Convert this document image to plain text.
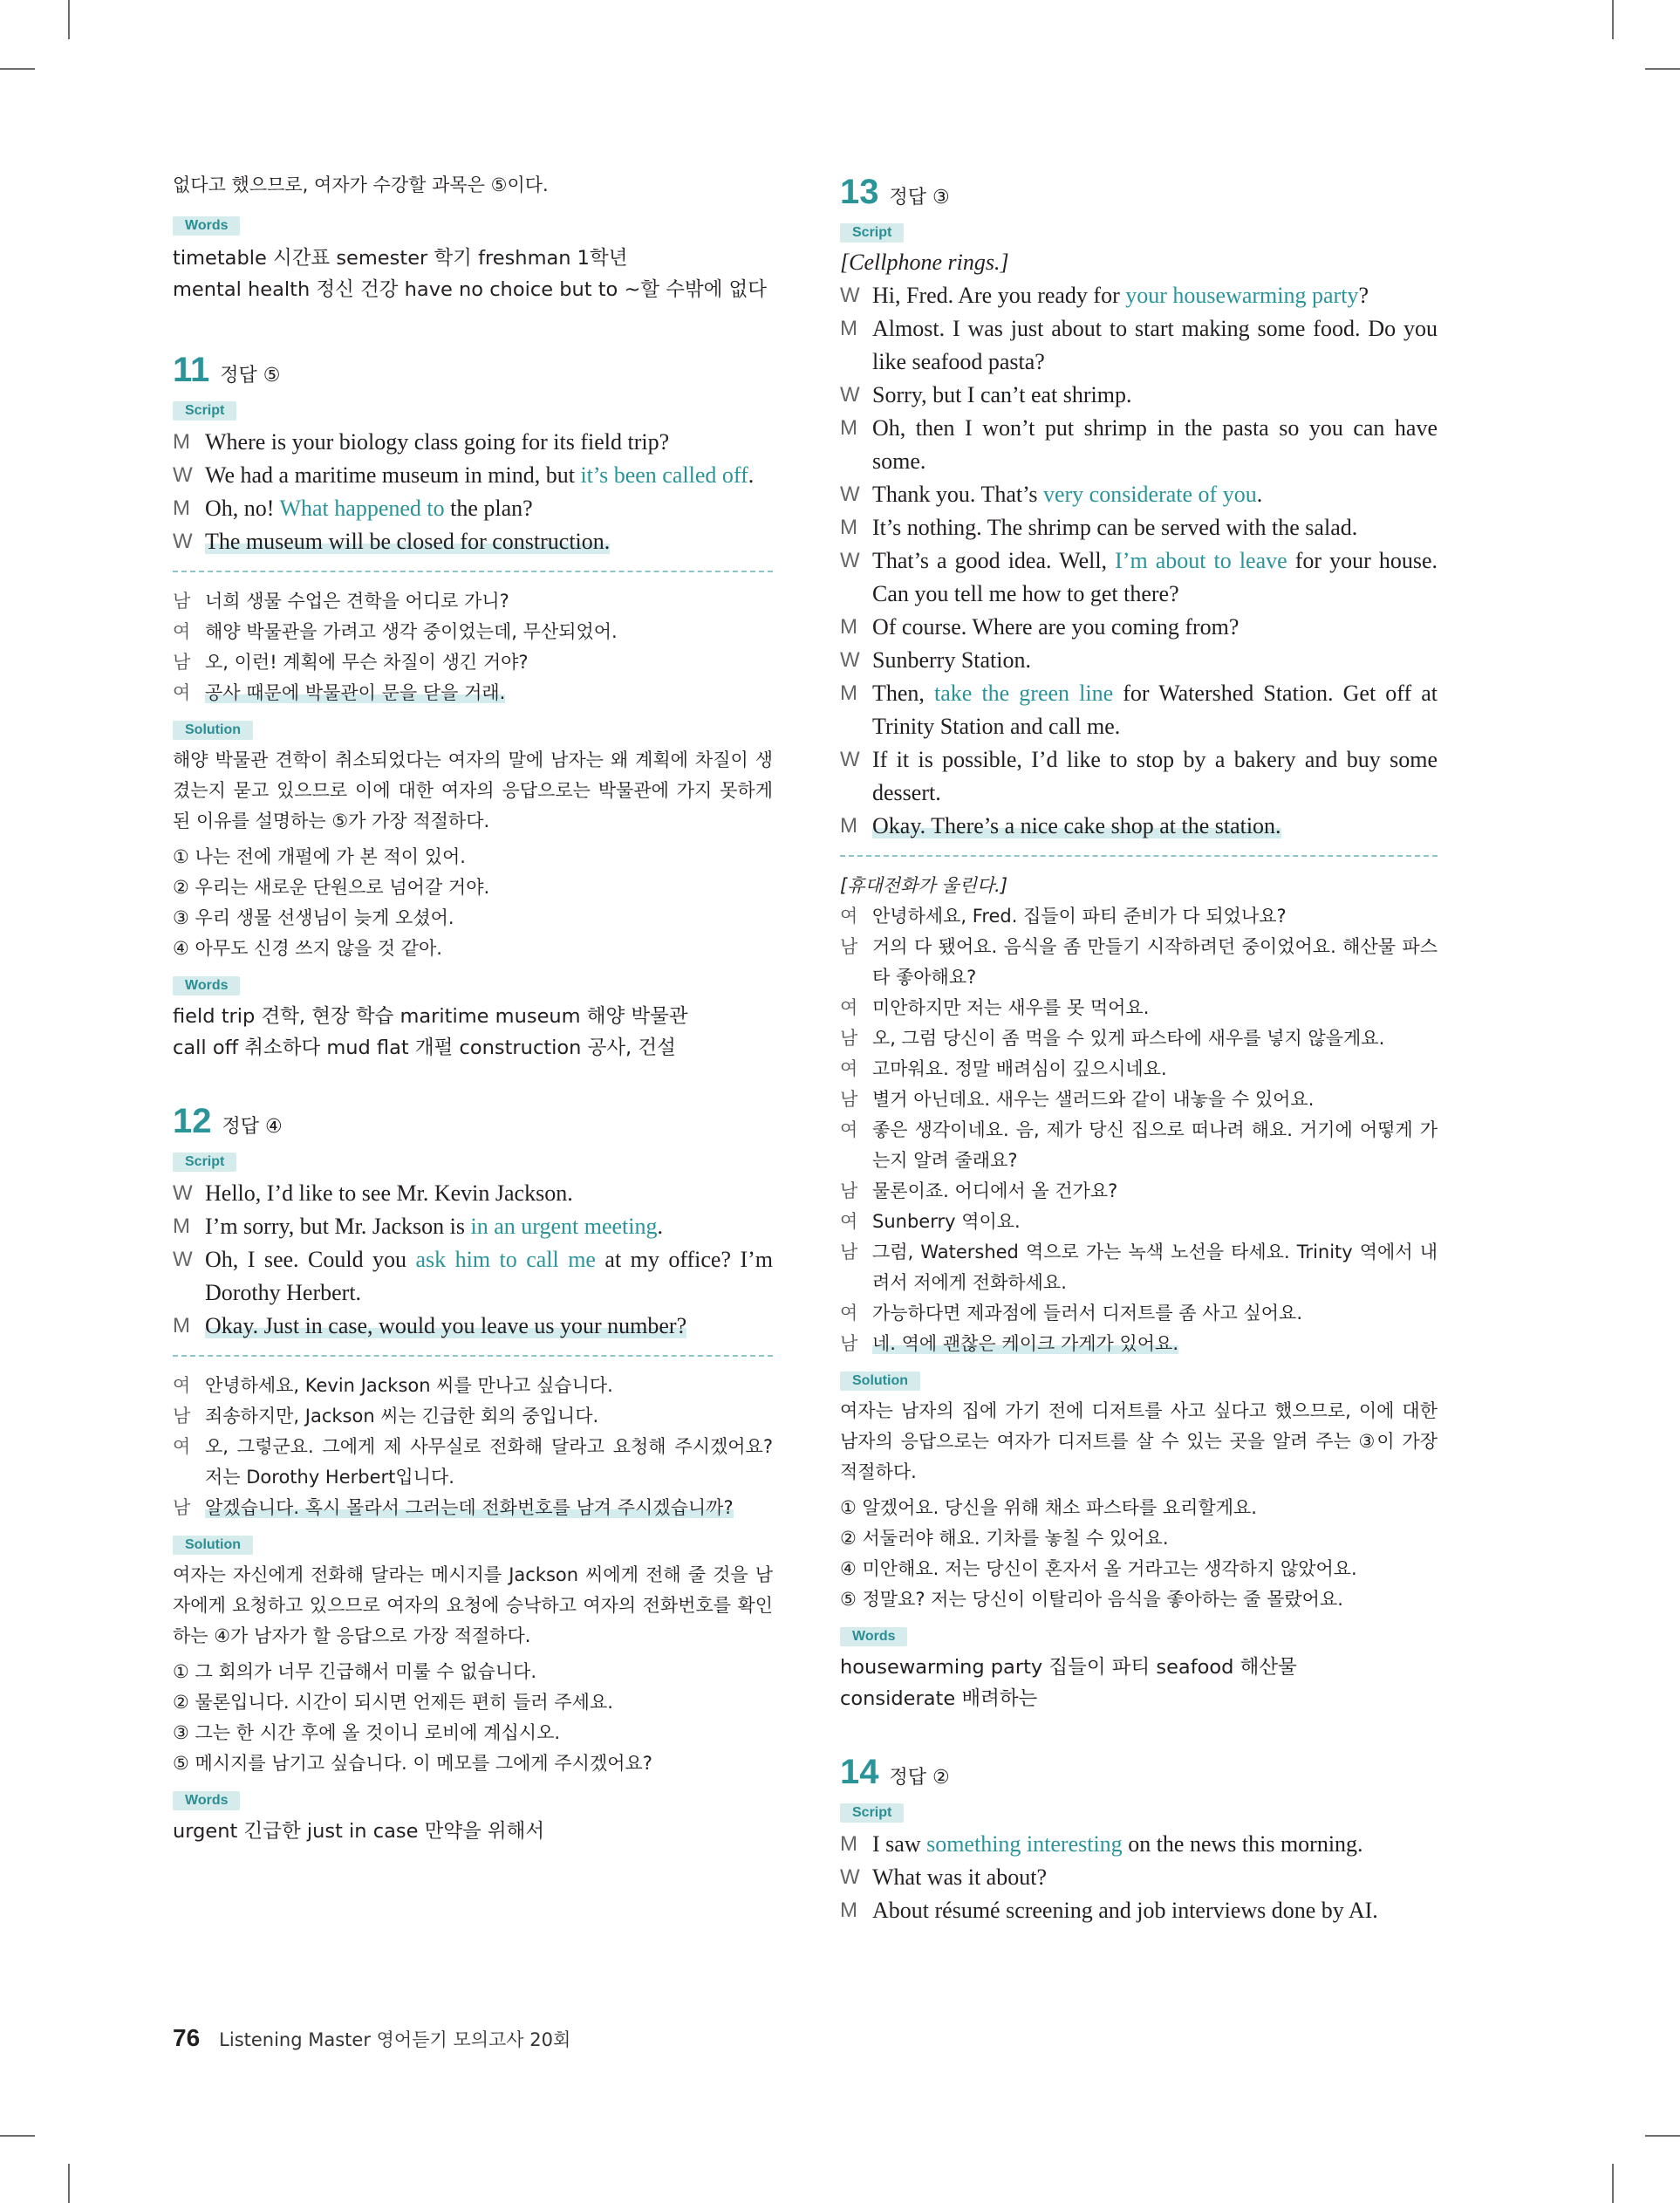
없다고 했으므로, 여자가 수강할 과목은 ⑤이다.
Words
timetable 시간표 semester 학기 freshman 1학년
mental health 정신 건강 have no choice but to ~할 수밖에 없다
11 정답 ⑤
Script
M Where is your biology class going for its field trip?
W We had a maritime museum in mind, but it’s been called off.
M Oh, no! What happened to the plan?
W The museum will be closed for construction.
남 너희 생물 수업은 견학을 어디로 가니?
여 해양 박물관을 가려고 생각 중이었는데, 무산되었어.
남 오, 이런! 계획에 무슨 차질이 생긴 거야?
여 공사 때문에 박물관이 문을 닫을 거래.
Solution
해양 박물관 견학이 취소되었다는 여자의 말에 남자는 왜 계획에 차질이 생겼는지 묻고 있으므로 이에 대한 여자의 응답으로는 박물관에 가지 못하게 된 이유를 설명하는 ⑤가 가장 적절하다.
① 나는 전에 개펄에 가 본 적이 있어.
② 우리는 새로운 단원으로 넘어갈 거야.
③ 우리 생물 선생님이 늦게 오셨어.
④ 아무도 신경 쓰지 않을 것 같아.
Words
field trip 견학, 현장 학습 maritime museum 해양 박물관
call off 취소하다 mud flat 개펄 construction 공사, 건설
12 정답 ④
Script
W Hello, I’d like to see Mr. Kevin Jackson.
M I’m sorry, but Mr. Jackson is in an urgent meeting.
W Oh, I see. Could you ask him to call me at my office? I’m Dorothy Herbert.
M Okay. Just in case, would you leave us your number?
여 안녕하세요, Kevin Jackson 씨를 만나고 싶습니다.
남 죄송하지만, Jackson 씨는 긴급한 회의 중입니다.
여 오, 그렇군요. 그에게 제 사무실로 전화해 달라고 요청해 주시겠어요? 저는 Dorothy Herbert입니다.
남 알겠습니다. 혹시 몰라서 그러는데 전화번호를 남겨 주시겠습니까?
Solution
여자는 자신에게 전화해 달라는 메시지를 Jackson 씨에게 전해 줄 것을 남자에게 요청하고 있으므로 여자의 요청에 승낙하고 여자의 전화번호를 확인하는 ④가 남자가 할 응답으로 가장 적절하다.
① 그 회의가 너무 긴급해서 미룰 수 없습니다.
② 물론입니다. 시간이 되시면 언제든 편히 들러 주세요.
③ 그는 한 시간 후에 올 것이니 로비에 계십시오.
⑤ 메시지를 남기고 싶습니다. 이 메모를 그에게 주시겠어요?
Words
urgent 긴급한 just in case 만약을 위해서
13 정답 ③
Script
[Cellphone rings.]
W Hi, Fred. Are you ready for your housewarming party?
M Almost. I was just about to start making some food. Do you like seafood pasta?
W Sorry, but I can’t eat shrimp.
M Oh, then I won’t put shrimp in the pasta so you can have some.
W Thank you. That’s very considerate of you.
M It’s nothing. The shrimp can be served with the salad.
W That’s a good idea. Well, I’m about to leave for your house. Can you tell me how to get there?
M Of course. Where are you coming from?
W Sunberry Station.
M Then, take the green line for Watershed Station. Get off at Trinity Station and call me.
W If it is possible, I’d like to stop by a bakery and buy some dessert.
M Okay. There’s a nice cake shop at the station.
[휴대전화가 울린다.]
여 안녕하세요, Fred. 집들이 파티 준비가 다 되었나요?
남 거의 다 됐어요. 음식을 좀 만들기 시작하려던 중이었어요. 해산물 파스타 좋아해요?
여 미안하지만 저는 새우를 못 먹어요.
남 오, 그럼 당신이 좀 먹을 수 있게 파스타에 새우를 넣지 않을게요.
여 고마워요. 정말 배려심이 깊으시네요.
남 별거 아닌데요. 새우는 샐러드와 같이 내놓을 수 있어요.
여 좋은 생각이네요. 음, 제가 당신 집으로 떠나려 해요. 거기에 어떻게 가는지 알려 줄래요?
남 물론이죠. 어디에서 올 건가요?
여 Sunberry 역이요.
남 그럼, Watershed 역으로 가는 녹색 노선을 타세요. Trinity 역에서 내려서 저에게 전화하세요.
여 가능하다면 제과점에 들러서 디저트를 좀 사고 싶어요.
남 네. 역에 괜찮은 케이크 가게가 있어요.
Solution
여자는 남자의 집에 가기 전에 디저트를 사고 싶다고 했으므로, 이에 대한 남자의 응답으로는 여자가 디저트를 살 수 있는 곳을 알려 주는 ③이 가장 적절하다.
① 알겠어요. 당신을 위해 채소 파스타를 요리할게요.
② 서둘러야 해요. 기차를 놓칠 수 있어요.
④ 미안해요. 저는 당신이 혼자서 올 거라고는 생각하지 않았어요.
⑤ 정말요? 저는 당신이 이탈리아 음식을 좋아하는 줄 몰랐어요.
Words
housewarming party 집들이 파티 seafood 해산물
considerate 배려하는
14 정답 ②
Script
M I saw something interesting on the news this morning.
W What was it about?
M About résumé screening and job interviews done by AI.
76 Listening Master 영어듣기 모의고사 20회
